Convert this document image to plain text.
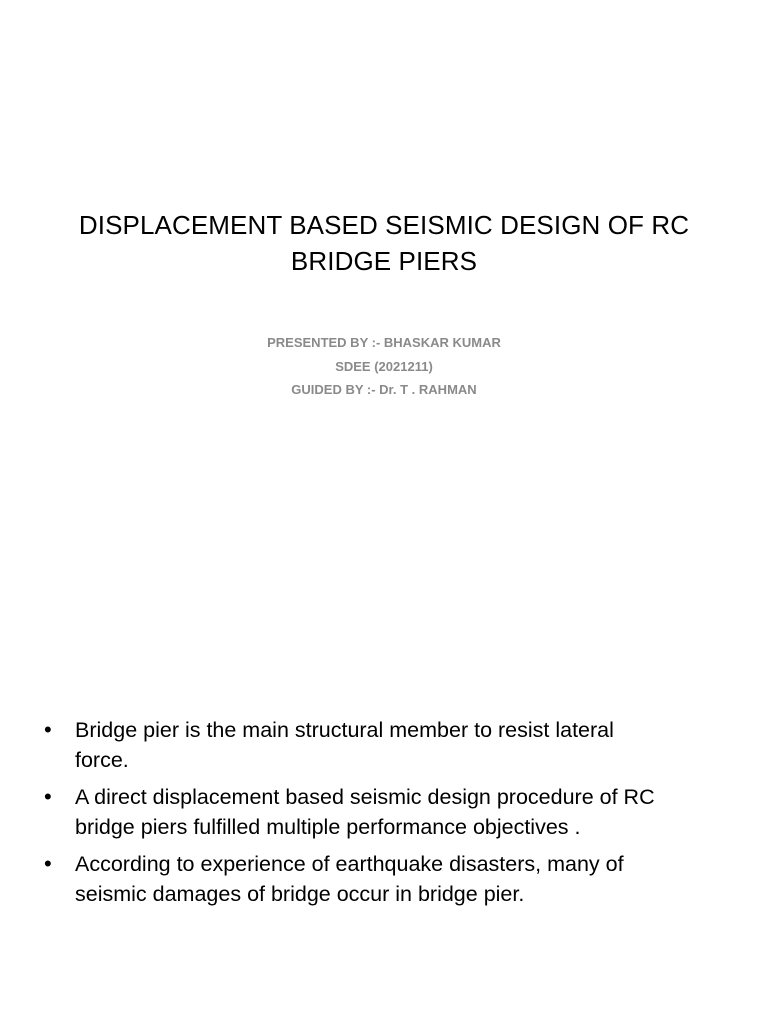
DISPLACEMENT BASED SEISMIC DESIGN OF RC
BRIDGE PIERS
PRESENTED BY :- BHASKAR KUMAR
SDEE (2021211)
GUIDED BY :- Dr. T . RAHMAN
• Bridge pier is the main structural member to resist lateral
force.
• A direct displacement based seismic design procedure of RC
bridge piers fulfilled multiple performance objectives .
• According to experience of earthquake disasters, many of
seismic damages of bridge occur in bridge pier.
